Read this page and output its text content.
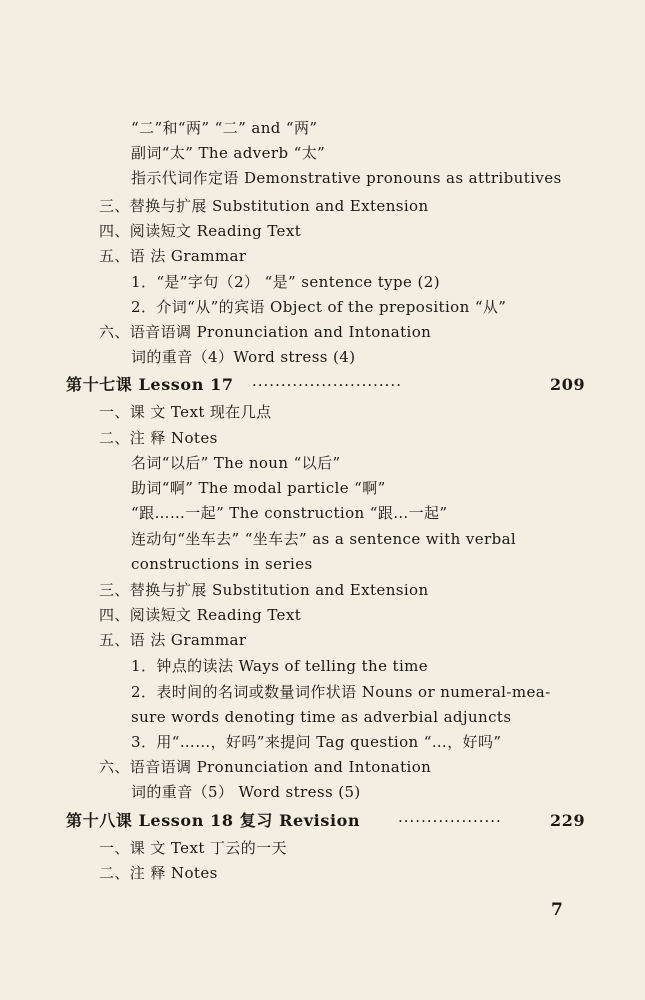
“二”和“两” “二” and “两”
副词“太” The adverb “太”
指示代词作定语 Demonstrative pronouns as attributives
三、替换与扩展 Substitution and Extension
四、阅读短文 Reading Text
五、语 法 Grammar
1．“是”字句（2） “是” sentence type (2)
2．介词“从”的宾语 Object of the preposition “从”
六、语音语调 Pronunciation and Intonation
词的重音（4）Word stress (4)
第十七课 Lesson 17 ··························	209
一、课 文 Text 现在几点
二、注 释 Notes
名词“以后” The noun “以后”
助词“啊” The modal particle “啊”
“跟……一起” The construction “跟…一起”
连动句“坐车去” “坐车去” as a sentence with verbal
constructions in series
三、替换与扩展 Substitution and Extension
四、阅读短文 Reading Text
五、语 法 Grammar
1．钟点的读法 Ways of telling the time
2．表时间的名词或数量词作状语 Nouns or numeral-mea-
sure words denoting time as adverbial adjuncts
3．用“……，好吗”来提问 Tag question “…，好吗”
六、语音语调 Pronunciation and Intonation
词的重音（5） Word stress (5)
第十八课 Lesson 18 复习 Revision	··················	229
一、课 文 Text 丁云的一天
二、注 释 Notes
7
